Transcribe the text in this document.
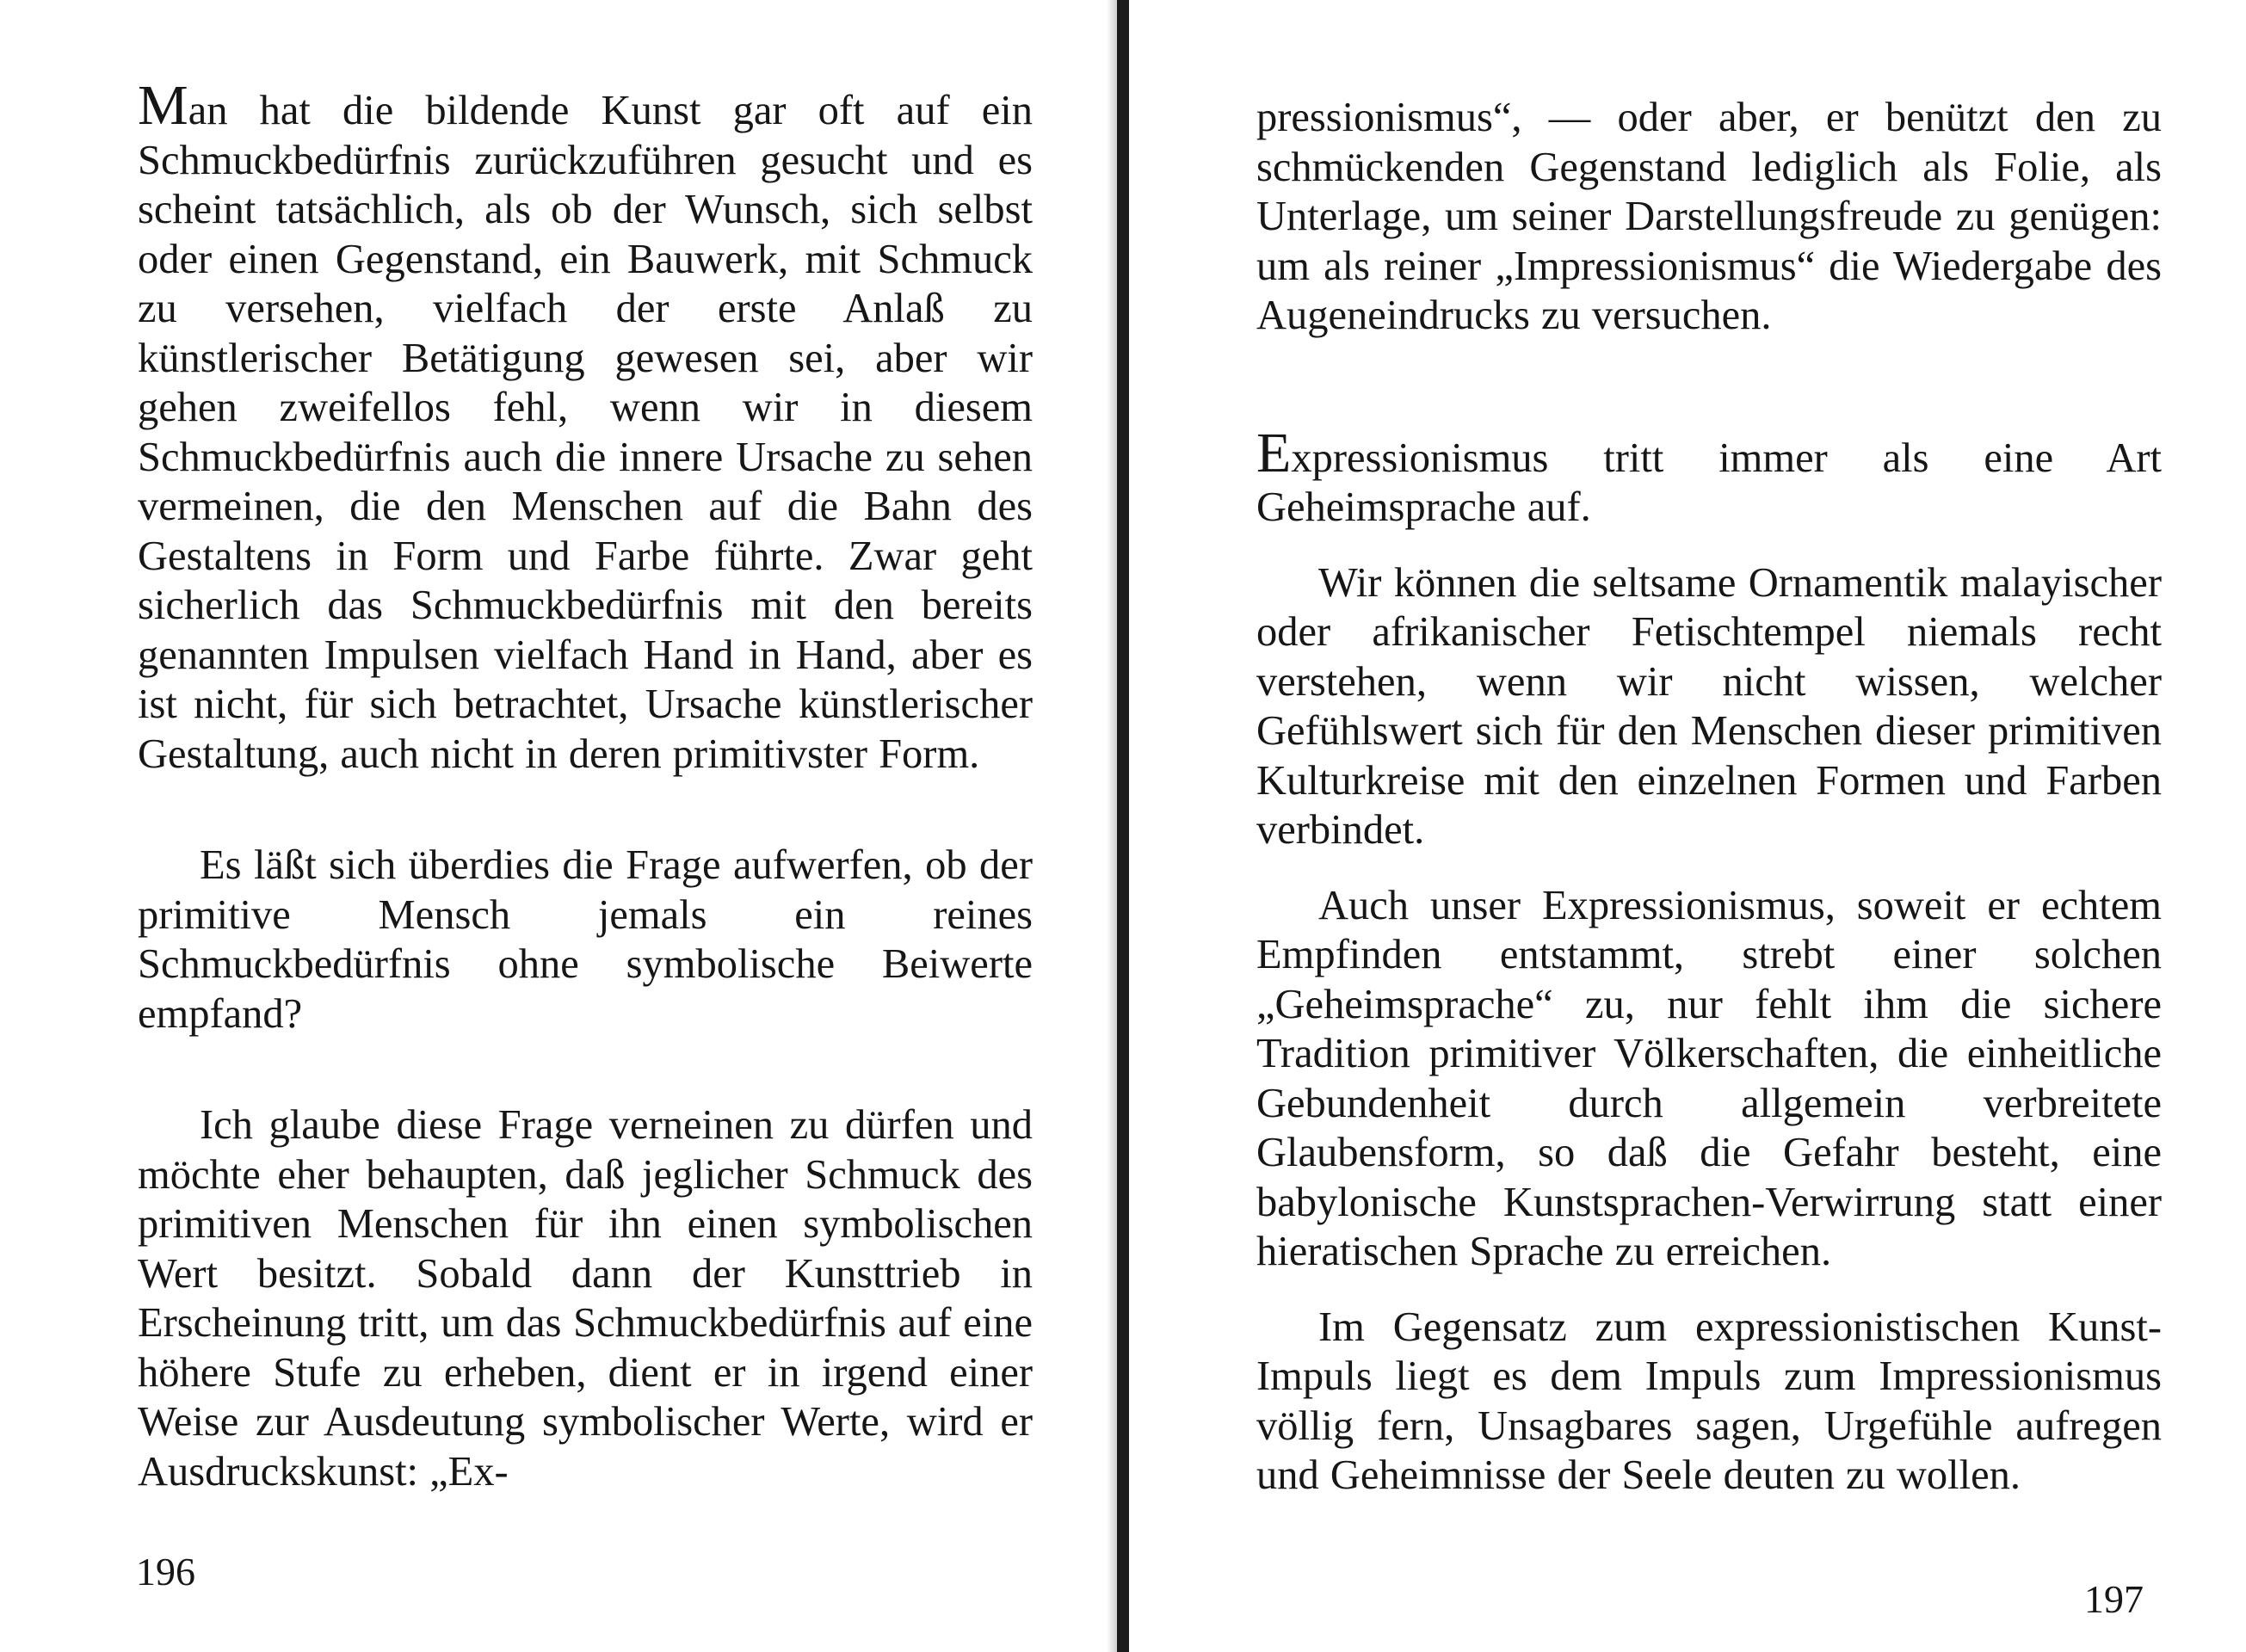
Man hat die bildende Kunst gar oft auf ein Schmuckbedürfnis zurückzuführen gesucht und es scheint tatsächlich, als ob der Wunsch, sich selbst oder einen Gegenstand, ein Bauwerk, mit Schmuck zu versehen, vielfach der erste Anlaß zu künstlerischer Betätigung gewesen sei, aber wir gehen zweifellos fehl, wenn wir in diesem Schmuckbedürfnis auch die innere Ursache zu sehen vermeinen, die den Menschen auf die Bahn des Gestaltens in Form und Farbe führte. Zwar geht sicherlich das Schmuckbedürfnis mit den bereits genannten Impulsen vielfach Hand in Hand, aber es ist nicht, für sich betrachtet, Ursache künstlerischer Gestaltung, auch nicht in deren primitivster Form.

Es läßt sich überdies die Frage aufwerfen, ob der primitive Mensch jemals ein reines Schmuckbedürfnis ohne symbolische Beiwerte empfand?

Ich glaube diese Frage verneinen zu dürfen und möchte eher behaupten, daß jeglicher Schmuck des primitiven Menschen für ihn einen symbolischen Wert besitzt. Sobald dann der Kunsttrieb in Erscheinung tritt, um das Schmuckbedürfnis auf eine höhere Stufe zu erheben, dient er in irgend einer Weise zur Ausdeutung symbolischer Werte, wird er Ausdruckskunst: „Ex-

196

pressionismus“, — oder aber, er benützt den zu schmückenden Gegenstand lediglich als Folie, als Unterlage, um seiner Darstellungsfreude zu genügen: um als reiner „Impressionismus“ die Wiedergabe des Augeneindrucks zu versuchen.

Expressionismus tritt immer als eine Art Geheimsprache auf.

Wir können die seltsame Ornamentik malayischer oder afrikanischer Fetischtempel niemals recht verstehen, wenn wir nicht wissen, welcher Gefühlswert sich für den Menschen dieser primitiven Kulturkreise mit den einzelnen Formen und Farben verbindet.

Auch unser Expressionismus, soweit er echtem Empfinden entstammt, strebt einer solchen „Geheimsprache“ zu, nur fehlt ihm die sichere Tradition primitiver Völkerschaften, die einheitliche Gebundenheit durch allgemein verbreitete Glaubensform, so daß die Gefahr besteht, eine babylonische Kunstsprachen-Verwirrung statt einer hieratischen Sprache zu erreichen.

Im Gegensatz zum expressionistischen Kunst-Impuls liegt es dem Impuls zum Impressionismus völlig fern, Unsagbares sagen, Urgefühle aufregen und Geheimnisse der Seele deuten zu wollen.

197
